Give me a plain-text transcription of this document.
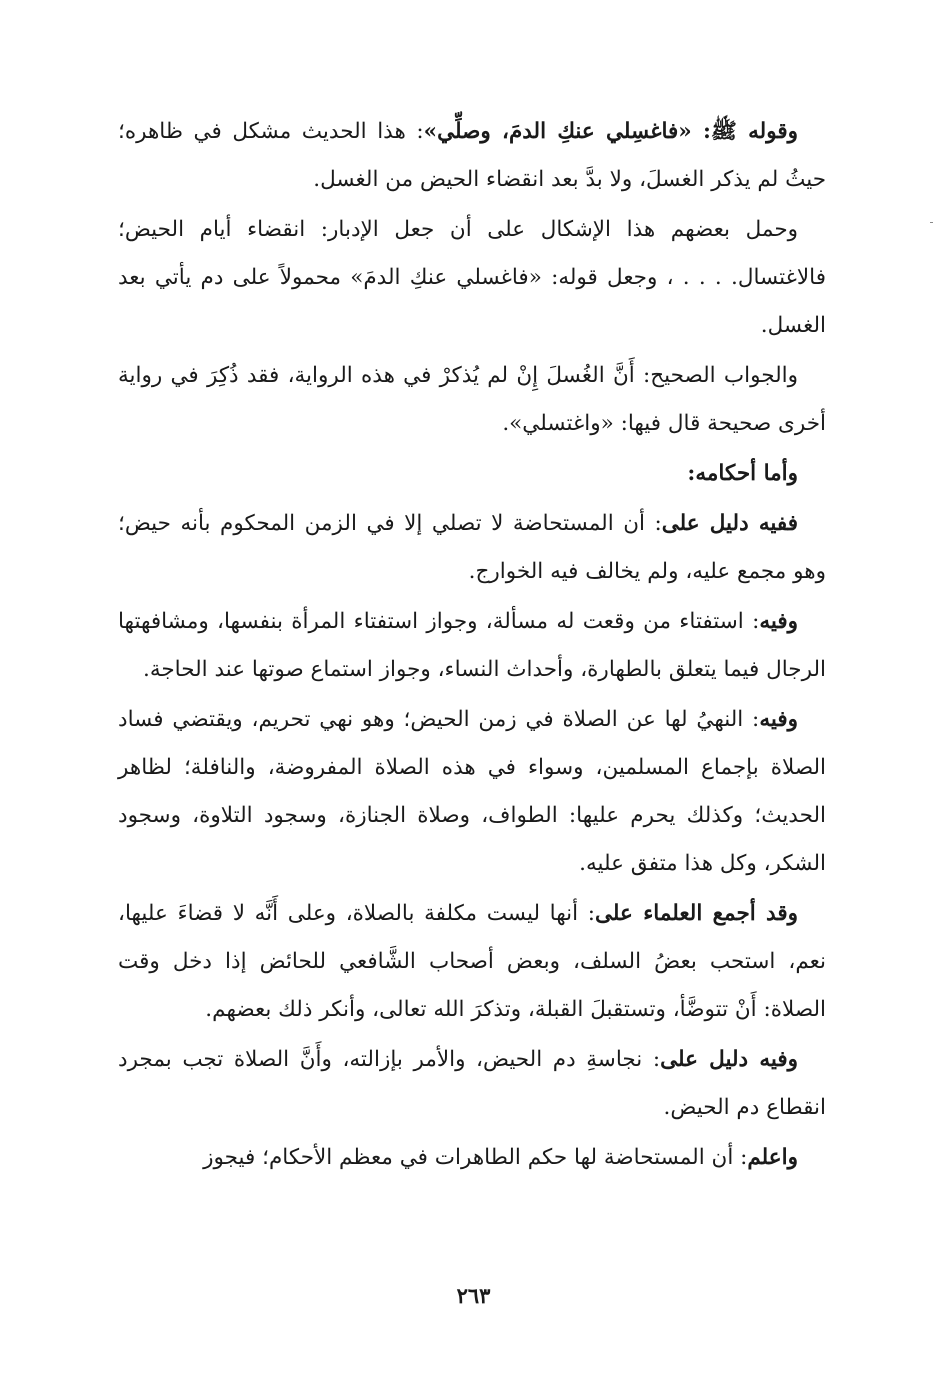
وقوله ﷺ: «فاغسِلي عنكِ الدمَ، وصلِّي»: هذا الحديث مشكل في ظاهره؛ حيثُ لم يذكر الغسلَ، ولا بدَّ بعد انقضاء الحيض من الغسل.

وحمل بعضهم هذا الإشكال على أن جعل الإدبار: انقضاء أيام الحيض؛ فالاغتسال. . . . ، وجعل قوله: «فاغسلي عنكِ الدمَ» محمولاً على دم يأتي بعد الغسل.

والجواب الصحيح: أَنَّ الغُسلَ إِنْ لم يُذكرْ في هذه الرواية، فقد ذُكِرَ في رواية أخرى صحيحة قال فيها: «واغتسلي».

وأما أحكامه:

ففيه دليل على: أن المستحاضة لا تصلي إلا في الزمن المحكوم بأنه حيض؛ وهو مجمع عليه، ولم يخالف فيه الخوارج.

وفيه: استفتاء من وقعت له مسألة، وجواز استفتاء المرأة بنفسها، ومشافهتها الرجال فيما يتعلق بالطهارة، وأحداث النساء، وجواز استماع صوتها عند الحاجة.

وفيه: النهيُ لها عن الصلاة في زمن الحيض؛ وهو نهي تحريم، ويقتضي فساد الصلاة بإجماع المسلمين، وسواء في هذه الصلاة المفروضة، والنافلة؛ لظاهر الحديث؛ وكذلك يحرم عليها: الطواف، وصلاة الجنازة، وسجود التلاوة، وسجود الشكر، وكل هذا متفق عليه.

وقد أجمع العلماء على: أنها ليست مكلفة بالصلاة، وعلى أَنَّه لا قضاءَ عليها، نعم، استحب بعضُ السلف، وبعض أصحاب الشَّافعي للحائض إذا دخل وقت الصلاة: أَنْ تتوضَّأ، وتستقبلَ القبلة، وتذكرَ الله تعالى، وأنكر ذلك بعضهم.

وفيه دليل على: نجاسةِ دم الحيض، والأمر بإزالته، وأَنَّ الصلاة تجب بمجرد انقطاع دم الحيض.

واعلم: أن المستحاضة لها حكم الطاهرات في معظم الأحكام؛ فيجوز

٢٦٣
